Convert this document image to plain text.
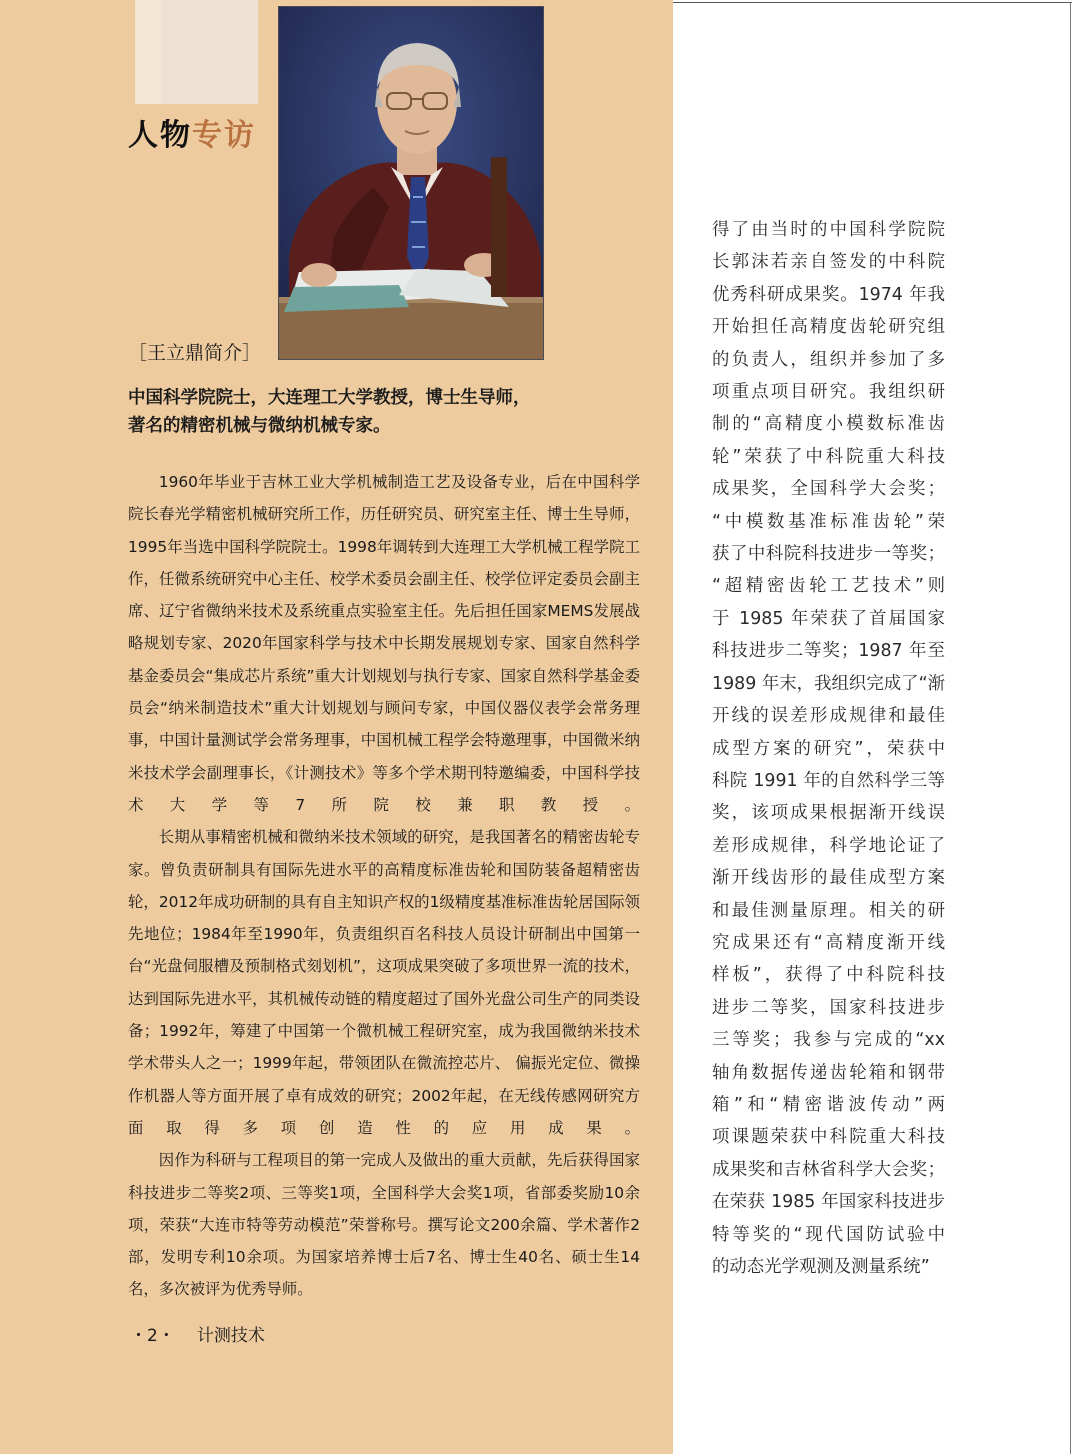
人物专访
［王立鼎简介］
中国科学院院士，大连理工大学教授，博士生导师，
著名的精密机械与微纳机械专家。

1960年毕业于吉林工业大学机械制造工艺及设备专业，后在中国科学院长春光学精密机械研究所工作，历任研究员、研究室主任、博士生导师，1995年当选中国科学院院士。1998年调转到大连理工大学机械工程学院工作，任微系统研究中心主任、校学术委员会副主任、校学位评定委员会副主席、辽宁省微纳米技术及系统重点实验室主任。先后担任国家MEMS发展战略规划专家、2020年国家科学与技术中长期发展规划专家、国家自然科学基金委员会“集成芯片系统”重大计划规划与执行专家、国家自然科学基金委员会“纳米制造技术”重大计划规划与顾问专家，中国仪器仪表学会常务理事，中国计量测试学会常务理事，中国机械工程学会特邀理事，中国微米纳米技术学会副理事长，《计测技术》等多个学术期刊特邀编委，中国科学技术大学等7所院校兼职教授。

长期从事精密机械和微纳米技术领域的研究，是我国著名的精密齿轮专家。曾负责研制具有国际先进水平的高精度标准齿轮和国防装备超精密齿轮，2012年成功研制的具有自主知识产权的1级精度基准标准齿轮居国际领先地位；1984年至1990年，负责组织百名科技人员设计研制出中国第一台“光盘伺服槽及预制格式刻划机”，这项成果突破了多项世界一流的技术，达到国际先进水平，其机械传动链的精度超过了国外光盘公司生产的同类设备；1992年，筹建了中国第一个微机械工程研究室，成为我国微纳米技术学术带头人之一；1999年起，带领团队在微流控芯片、 偏振光定位、微操作机器人等方面开展了卓有成效的研究；2002年起，在无线传感网研究方面取得多项创造性的应用成果。

因作为科研与工程项目的第一完成人及做出的重大贡献，先后获得国家科技进步二等奖2项、三等奖1项，全国科学大会奖1项，省部委奖励10余项，荣获“大连市特等劳动模范”荣誉称号。撰写论文200余篇、学术著作2部，发明专利10余项。为国家培养博士后7名、博士生40名、硕士生14名，多次被评为优秀导师。

・2・ 计测技术
得了由当时的中国科学院院
长郭沫若亲自签发的中科院
优秀科研成果奖。1974 年我
开始担任高精度齿轮研究组
的负责人，组织并参加了多
项重点项目研究。我组织研
制的“高精度小模数标准齿
轮”荣获了中科院重大科技
成果奖，全国科学大会奖；
“中模数基准标准齿轮”荣
获了中科院科技进步一等奖；
“超精密齿轮工艺技术”则
于 1985 年荣获了首届国家
科技进步二等奖；1987 年至
1989 年末，我组织完成了“渐
开线的误差形成规律和最佳
成型方案的研究”，荣获中
科院 1991 年的自然科学三等
奖，该项成果根据渐开线误
差形成规律，科学地论证了
渐开线齿形的最佳成型方案
和最佳测量原理。相关的研
究成果还有“高精度渐开线
样板”，获得了中科院科技
进步二等奖，国家科技进步
三等奖；我参与完成的“xx
轴角数据传递齿轮箱和钢带
箱”和“精密谐波传动”两
项课题荣获中科院重大科技
成果奖和吉林省科学大会奖；
在荣获 1985 年国家科技进步
特等奖的“现代国防试验中
的动态光学观测及测量系统”
